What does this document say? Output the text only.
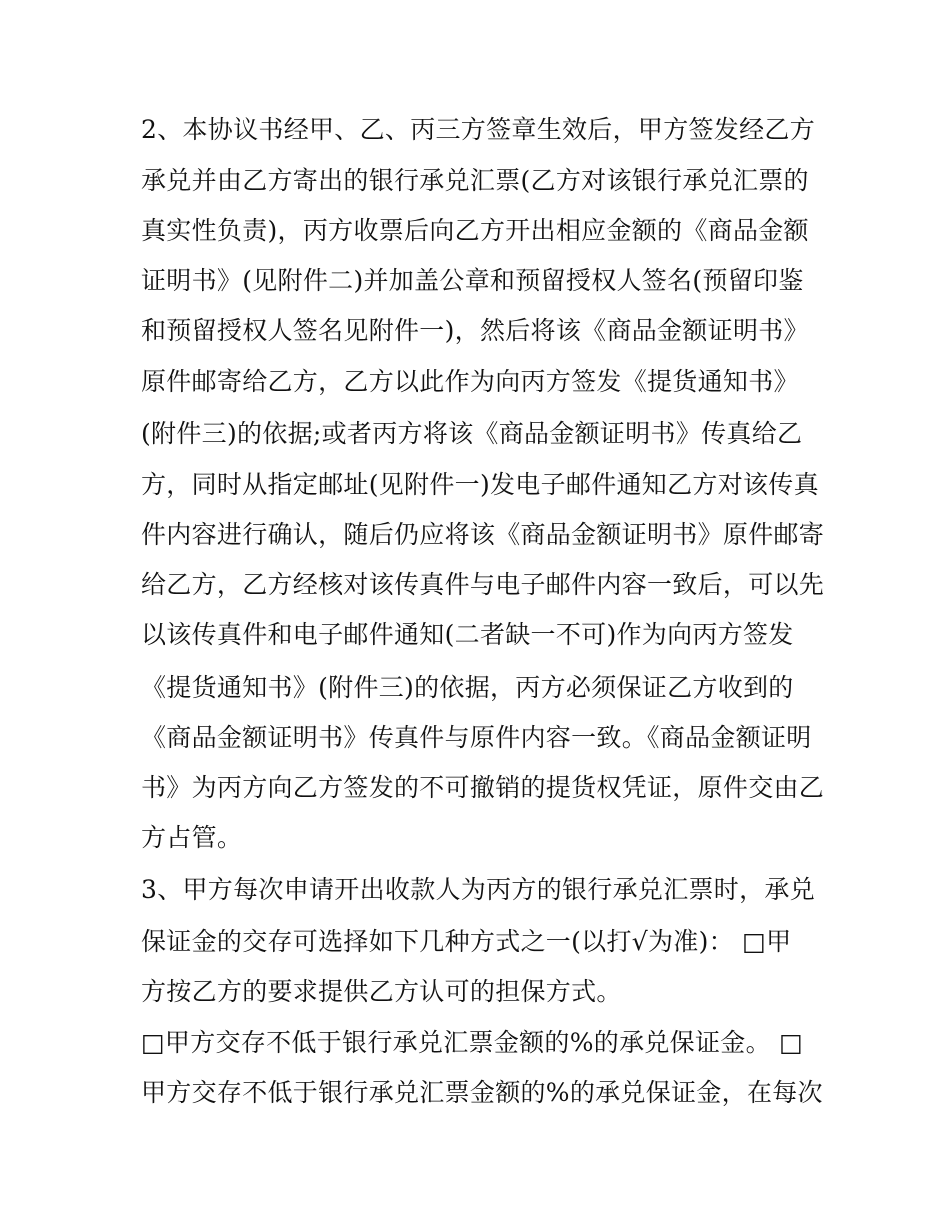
2、本协议书经甲、乙、丙三方签章生效后，甲方签发经乙方
承兑并由乙方寄出的银行承兑汇票(乙方对该银行承兑汇票的
真实性负责)，丙方收票后向乙方开出相应金额的《商品金额
证明书》(见附件二)并加盖公章和预留授权人签名(预留印鉴
和预留授权人签名见附件一)，然后将该《商品金额证明书》
原件邮寄给乙方，乙方以此作为向丙方签发《提货通知书》
(附件三)的依据;或者丙方将该《商品金额证明书》传真给乙
方，同时从指定邮址(见附件一)发电子邮件通知乙方对该传真
件内容进行确认，随后仍应将该《商品金额证明书》原件邮寄
给乙方，乙方经核对该传真件与电子邮件内容一致后，可以先
以该传真件和电子邮件通知(二者缺一不可)作为向丙方签发
《提货通知书》(附件三)的依据，丙方必须保证乙方收到的
《商品金额证明书》传真件与原件内容一致。《商品金额证明
书》为丙方向乙方签发的不可撤销的提货权凭证，原件交由乙
方占管。
3、甲方每次申请开出收款人为丙方的银行承兑汇票时，承兑
保证金的交存可选择如下几种方式之一(以打√为准)： □甲
方按乙方的要求提供乙方认可的担保方式。
□甲方交存不低于银行承兑汇票金额的%的承兑保证金。 □
甲方交存不低于银行承兑汇票金额的%的承兑保证金，在每次
